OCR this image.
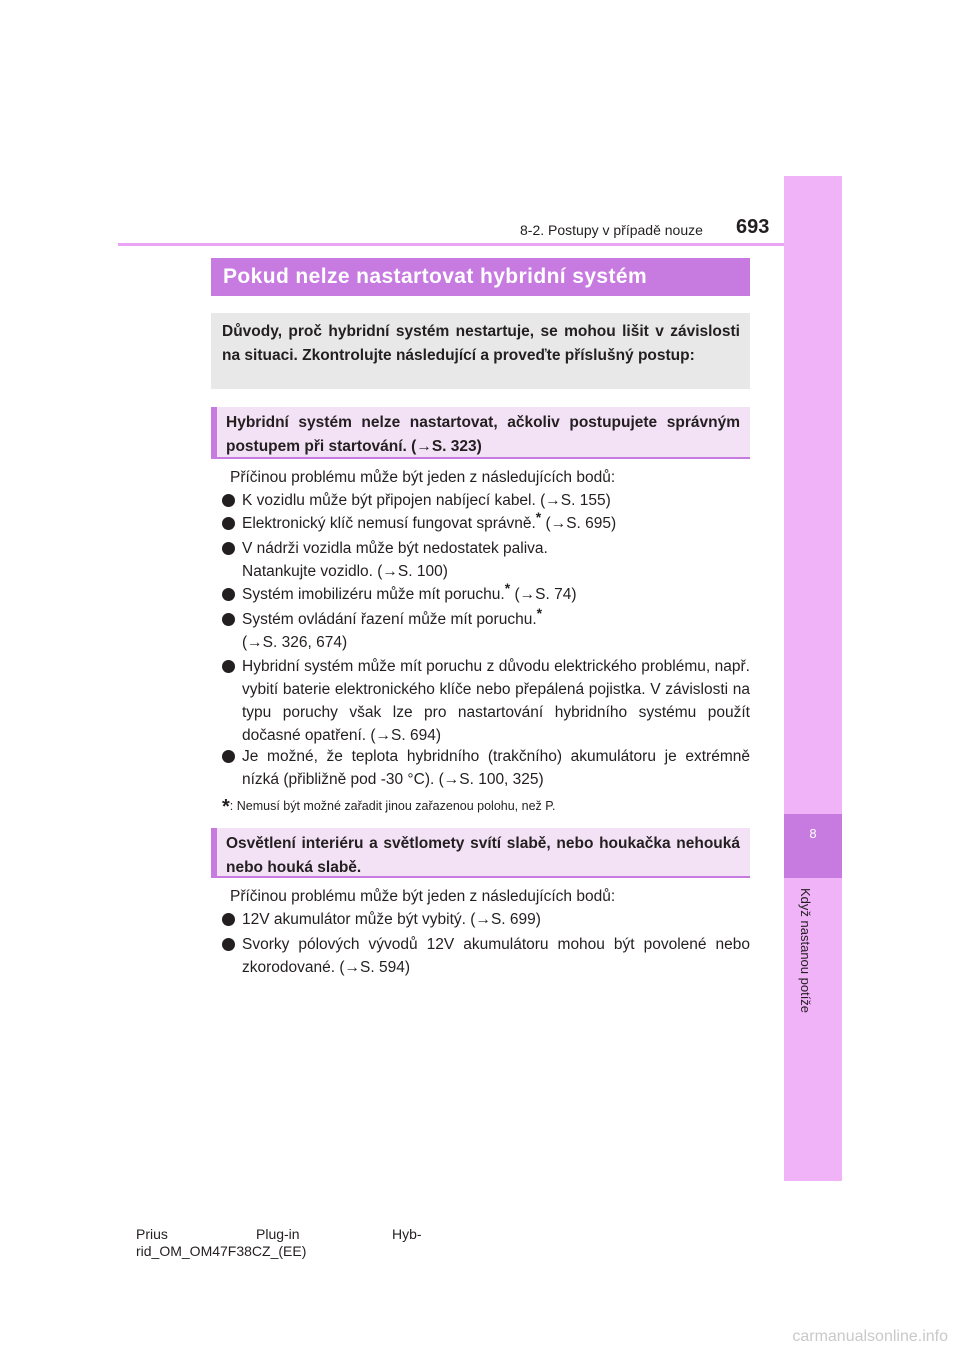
8
Když nastanou potíže
8-2. Postupy v případě nouze 693
Pokud nelze nastartovat hybridní systém
Důvody, proč hybridní systém nestartuje, se mohou lišit v závislosti na situaci. Zkontrolujte následující a proveďte příslušný postup:
Hybridní systém nelze nastartovat, ačkoliv postupujete správným postupem při startování. (→S. 323)
Příčinou problému může být jeden z následujících bodů:
K vozidlu může být připojen nabíjecí kabel. (→S. 155)
Elektronický klíč nemusí fungovat správně.* (→S. 695)
V nádrži vozidla může být nedostatek paliva.
Natankujte vozidlo. (→S. 100)
Systém imobilizéru může mít poruchu.* (→S. 74)
Systém ovládání řazení může mít poruchu.*
(→S. 326, 674)
Hybridní systém může mít poruchu z důvodu elektrického problému, např. vybití baterie elektronického klíče nebo přepálená pojistka. V závislosti na typu poruchy však lze pro nastartování hybridního systému použít dočasné opatření. (→S. 694)
Je možné, že teplota hybridního (trakčního) akumulátoru je extrémně nízká (přibližně pod -30 °C). (→S. 100, 325)
*: Nemusí být možné zařadit jinou zařazenou polohu, než P.
Osvětlení interiéru a světlomety svítí slabě, nebo houkačka nehouká nebo houká slabě.
Příčinou problému může být jeden z následujících bodů:
12V akumulátor může být vybitý. (→S. 699)
Svorky pólových vývodů 12V akumulátoru mohou být povolené nebo zkorodované. (→S. 594)
Prius	Plug-in	Hyb-
rid_OM_OM47F38CZ_(EE)
carmanualsonline.info
